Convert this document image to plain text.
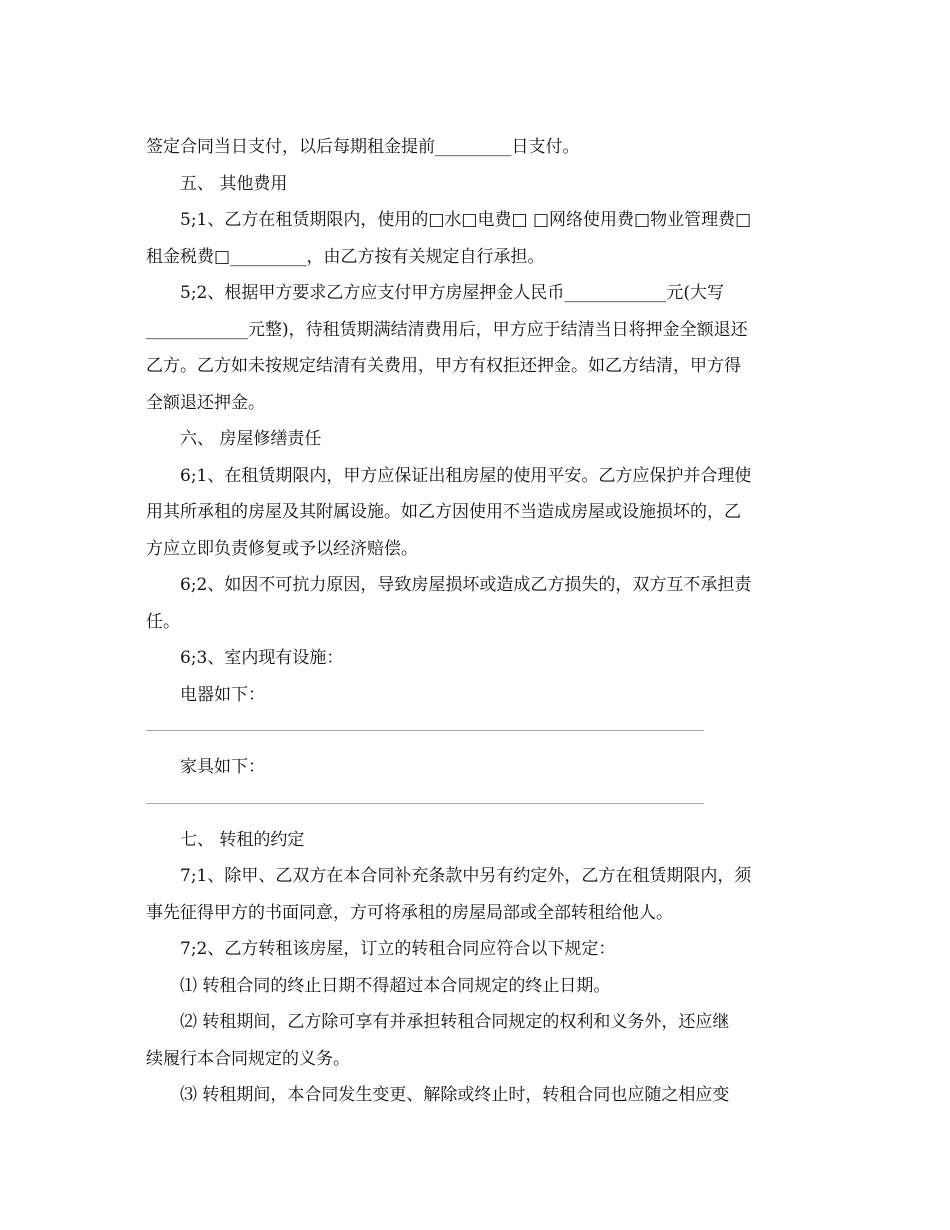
签定合同当日支付，以后每期租金提前_________日支付。

五、 其他费用

5;1、乙方在租赁期限内，使用的□水□电费□ □网络使用费□物业管理费□

租金税费□_________，由乙方按有关规定自行承担。

5;2、根据甲方要求乙方应支付甲方房屋押金人民币____________元(大写

____________元整)，待租赁期满结清费用后，甲方应于结清当日将押金全额退还

乙方。乙方如未按规定结清有关费用，甲方有权拒还押金。如乙方结清，甲方得

全额退还押金。

六、 房屋修缮责任

6;1、在租赁期限内，甲方应保证出租房屋的使用平安。乙方应保护并合理使

用其所承租的房屋及其附属设施。如乙方因使用不当造成房屋或设施损坏的，乙

方应立即负责修复或予以经济赔偿。

6;2、如因不可抗力原因，导致房屋损坏或造成乙方损失的，双方互不承担责

任。

6;3、室内现有设施：

电器如下：

家具如下：

七、 转租的约定

7;1、除甲、乙双方在本合同补充条款中另有约定外，乙方在租赁期限内，须

事先征得甲方的书面同意，方可将承租的房屋局部或全部转租给他人。

7;2、乙方转租该房屋，订立的转租合同应符合以下规定：

⑴ 转租合同的终止日期不得超过本合同规定的终止日期。

⑵ 转租期间，乙方除可享有并承担转租合同规定的权利和义务外，还应继

续履行本合同规定的义务。

⑶ 转租期间，本合同发生变更、解除或终止时，转租合同也应随之相应变
